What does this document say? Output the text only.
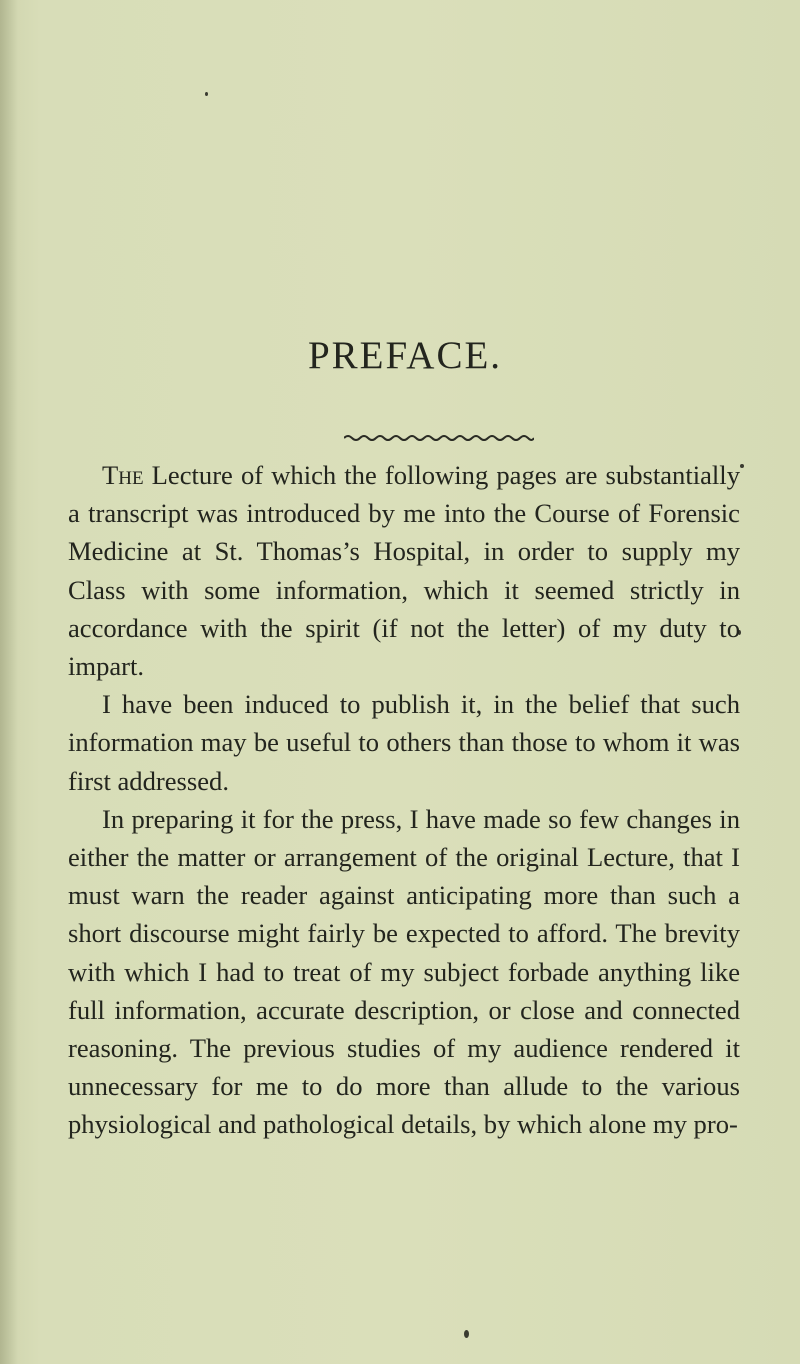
PREFACE.

The Lecture of which the following pages are substantially a transcript was introduced by me into the Course of Forensic Medicine at St. Thomas’s Hospital, in order to supply my Class with some information, which it seemed strictly in accordance with the spirit (if not the letter) of my duty to impart.

I have been induced to publish it, in the belief that such information may be useful to others than those to whom it was first addressed.

In preparing it for the press, I have made so few changes in either the matter or arrangement of the original Lecture, that I must warn the reader against anticipating more than such a short discourse might fairly be expected to afford. The brevity with which I had to treat of my subject forbade anything like full information, accurate description, or close and connected reasoning. The previous studies of my audience rendered it unnecessary for me to do more than allude to the various physiological and pathological details, by which alone my pro-
